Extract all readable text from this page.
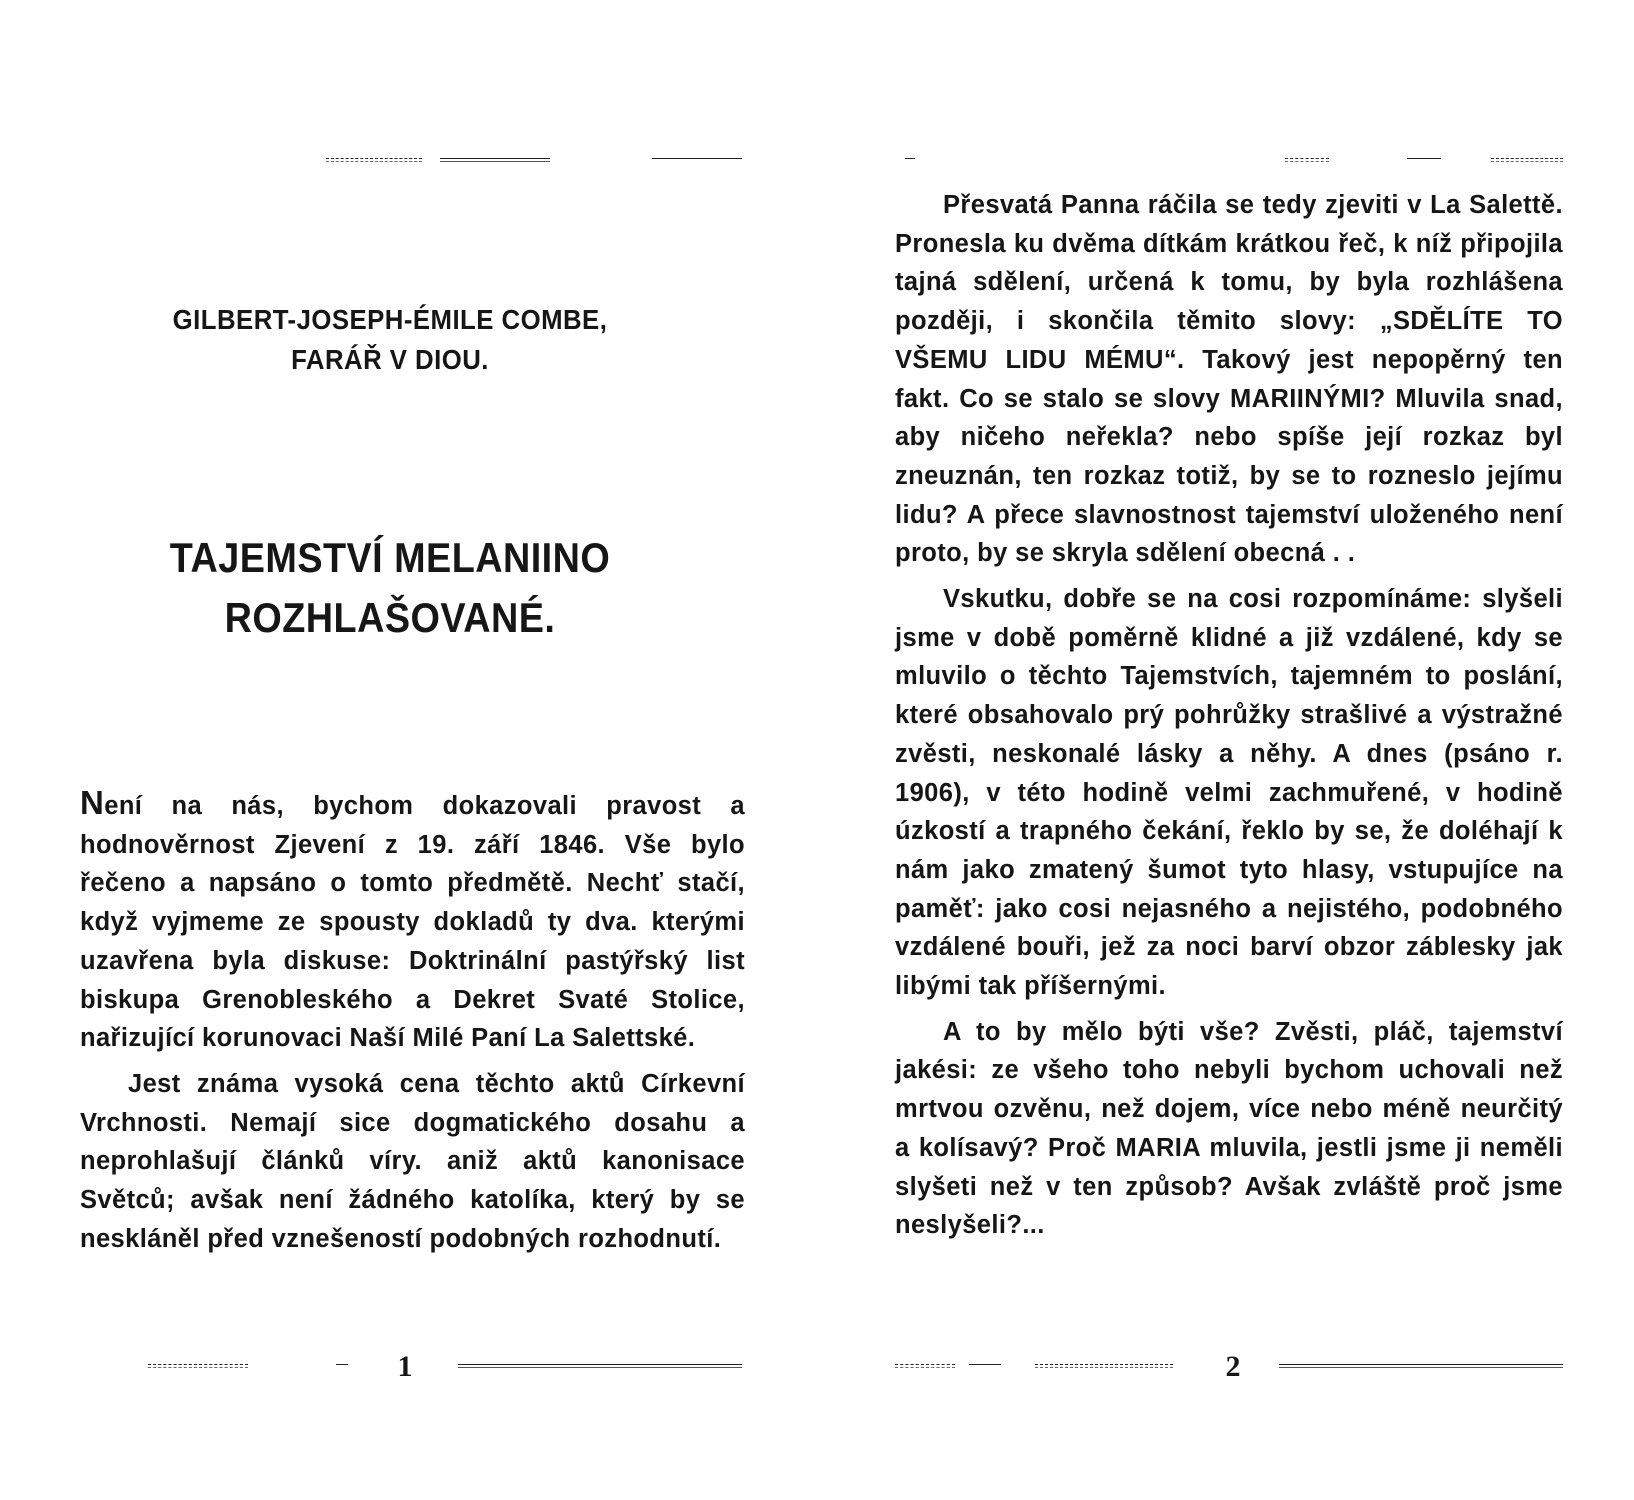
GILBERT-JOSEPH-ÉMILE COMBE,
FARÁŘ V DIOU.
TAJEMSTVÍ MELANIINO
ROZHLAŠOVANÉ.

Není na nás, bychom dokazovali pravost a hodnověrnost Zjevení z 19. září 1846. Vše bylo řečeno a napsáno o tomto předmětě. Nechť stačí, když vyjmeme ze spousty dokladů ty dva. kterými uzavřena byla diskuse: Doktrinální pastýřský list biskupa Grenobleského a Dekret Svaté Stolice, nařizující korunovaci Naší Milé Paní La Salettské.

Jest známa vysoká cena těchto aktů Církevní Vrchnosti. Nemají sice dogmatického dosahu a neprohlašují článků víry. aniž aktů kanonisace Světců; avšak není žádného katolíka, který by se neskláněl před vznešeností podobných rozhodnutí.

1

Přesvatá Panna ráčila se tedy zjeviti v La Salettě. Pronesla ku dvěma dítkám krátkou řeč, k níž připojila tajná sdělení, určená k tomu, by byla rozhlášena později, i skončila těmito slovy: „SDĚLÍTE TO VŠEMU LIDU MÉMU“. Takový jest nepopěrný ten fakt. Co se stalo se slovy MARIINÝMI? Mluvila snad, aby ničeho neřekla? nebo spíše její rozkaz byl zneuznán, ten rozkaz totiž, by se to rozneslo jejímu lidu? A přece slavnostnost tajemství uloženého není proto, by se skryla sdělení obecná . .

Vskutku, dobře se na cosi rozpomínáme: slyšeli jsme v době poměrně klidné a již vzdálené, kdy se mluvilo o těchto Tajemstvích, tajemném to poslání, které obsahovalo prý pohrůžky strašlivé a výstražné zvěsti, neskonalé lásky a něhy. A dnes (psáno r. 1906), v této hodině velmi zachmuřené, v hodině úzkostí a trapného čekání, řeklo by se, že doléhají k nám jako zmatený šumot tyto hlasy, vstupujíce na paměť: jako cosi nejasného a nejistého, podobného vzdálené bouři, jež za noci barví obzor záblesky jak libými tak příšernými.

A to by mělo býti vše? Zvěsti, pláč, tajemství jakési: ze všeho toho nebyli bychom uchovali než mrtvou ozvěnu, než dojem, více nebo méně neurčitý a kolísavý? Proč MARIA mluvila, jestli jsme ji neměli slyšeti než v ten způsob? Avšak zvláště proč jsme neslyšeli?...

2
